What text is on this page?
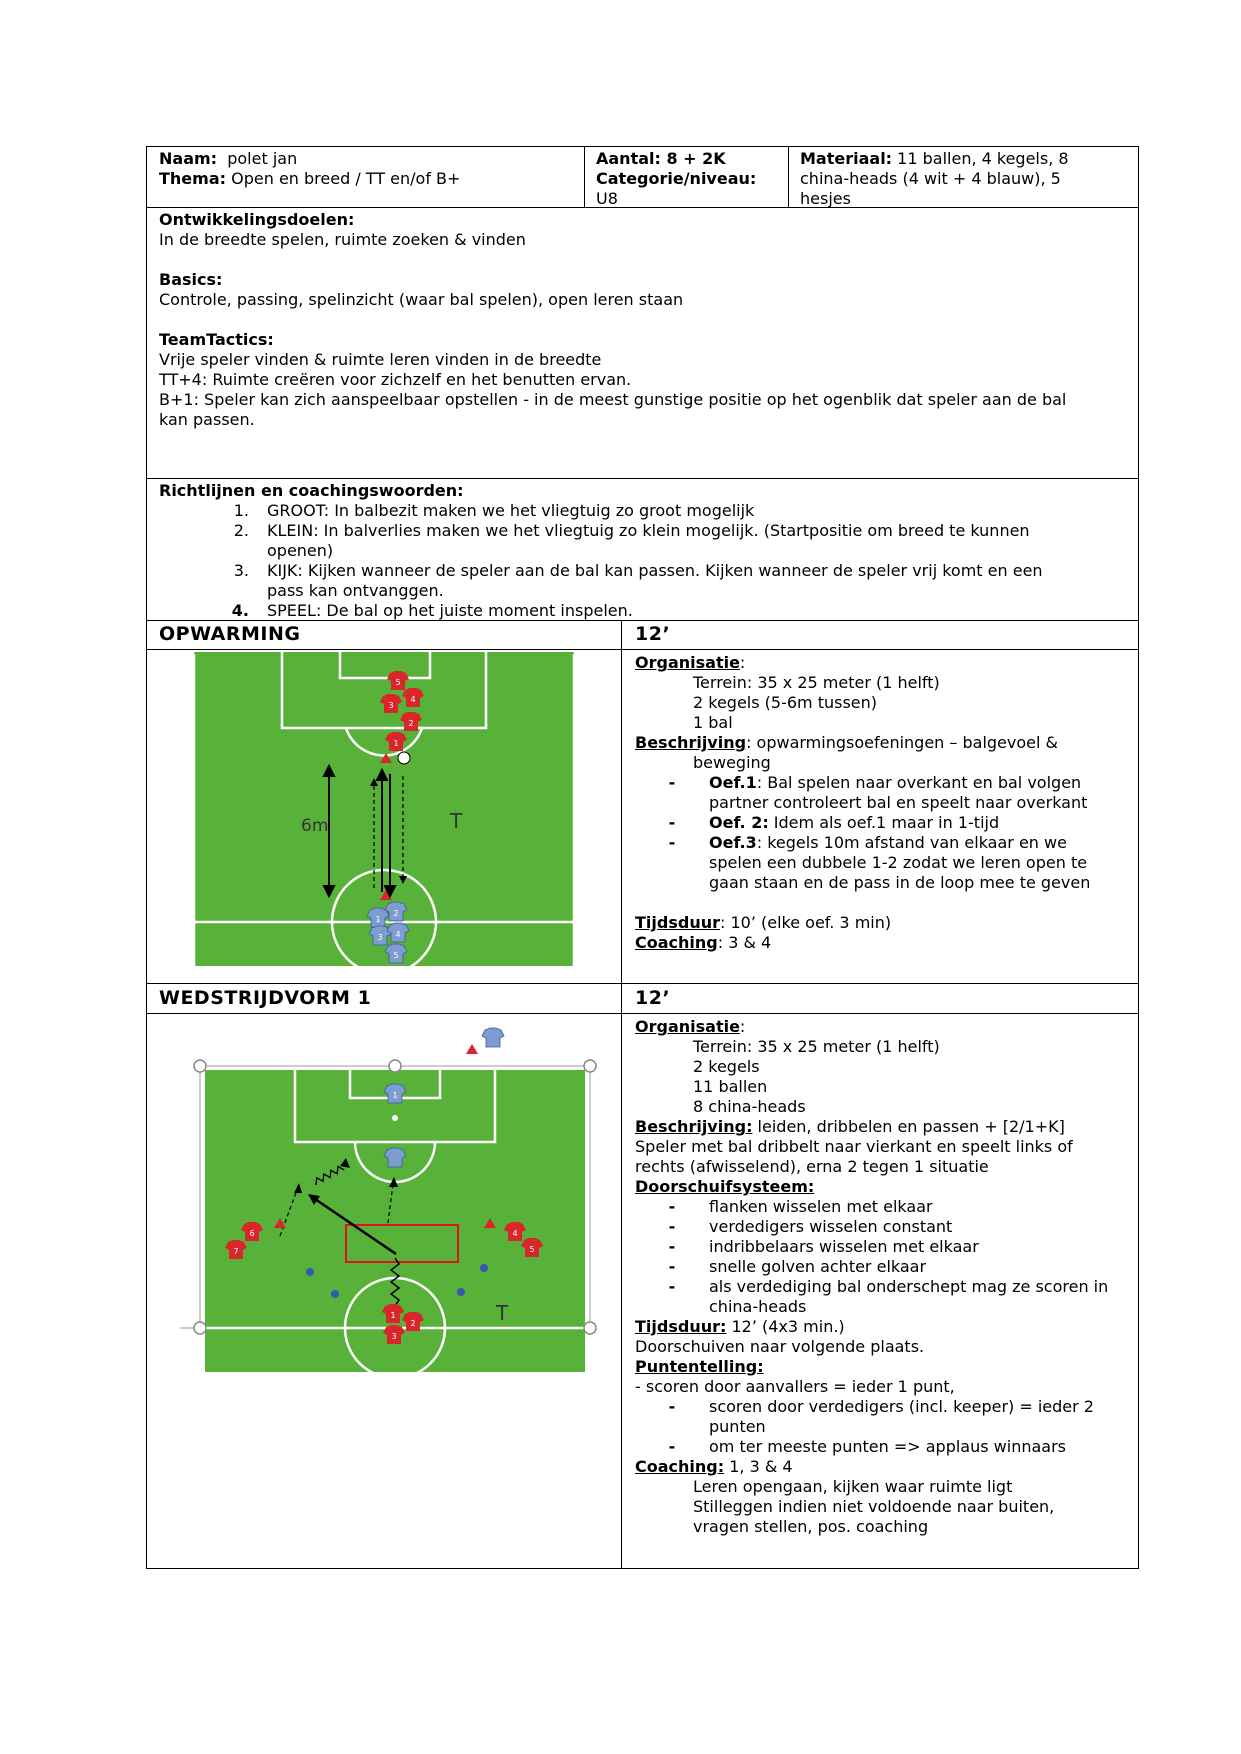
Naam: polet jan
Thema: Open en breed / TT en/of B+
Aantal: 8 + 2K
Categorie/niveau:
U8
Materiaal: 11 ballen, 4 kegels, 8 china-heads (4 wit + 4 blauw), 5 hesjes
Ontwikkelingsdoelen:
In de breedte spelen, ruimte zoeken & vinden
Basics:
Controle, passing, spelinzicht (waar bal spelen), open leren staan
TeamTactics:
Vrije speler vinden & ruimte leren vinden in de breedte
TT+4: Ruimte creëren voor zichzelf en het benutten ervan.
B+1: Speler kan zich aanspeelbaar opstellen - in de meest gunstige positie op het ogenblik dat speler aan de bal
kan passen.
Richtlijnen en coachingswoorden:
1.	GROOT: In balbezit maken we het vliegtuig zo groot mogelijk
2.	KLEIN: In balverlies maken we het vliegtuig zo klein mogelijk. (Startpositie om breed te kunnen
openen)
3.	KIJK: Kijken wanneer de speler aan de bal kan passen. Kijken wanneer de speler vrij komt en een
pass kan ontvanggen.
4.	SPEEL: De bal op het juiste moment inspelen.
OPWARMING	12’
5
3
4
2
1
6m	T
1
2
3 4
5
Organisatie:
Terrein: 35 x 25 meter (1 helft)
2 kegels (5-6m tussen)
1 bal
Beschrijving: opwarmingsoefeningen – balgevoel &
beweging
-	Oef.1: Bal spelen naar overkant en bal volgen
partner controleert bal en speelt naar overkant
-	Oef. 2: Idem als oef.1 maar in 1-tijd
-	Oef.3: kegels 10m afstand van elkaar en we
spelen een dubbele 1-2 zodat we leren open te
gaan staan en de pass in de loop mee te geven
Tijdsduur: 10’ (elke oef. 3 min)
Coaching: 3 & 4
WEDSTRIJDVORM 1	12’
1
6
7
4
5
1
2
3
T
Organisatie:
Terrein: 35 x 25 meter (1 helft)
2 kegels
11 ballen
8 china-heads
Beschrijving: leiden, dribbelen en passen + [2/1+K]
Speler met bal dribbelt naar vierkant en speelt links of
rechts (afwisselend), erna 2 tegen 1 situatie
Doorschuifsysteem:
-	flanken wisselen met elkaar
-	verdedigers wisselen constant
-	indribbelaars wisselen met elkaar
-	snelle golven achter elkaar
-	als verdediging bal onderschept mag ze scoren in
china-heads
Tijdsduur: 12’ (4x3 min.)
Doorschuiven naar volgende plaats.
Puntentelling:
- scoren door aanvallers = ieder 1 punt,
-	scoren door verdedigers (incl. keeper) = ieder 2
punten
-	om ter meeste punten => applaus winnaars
Coaching: 1, 3 & 4
Leren opengaan, kijken waar ruimte ligt
Stilleggen indien niet voldoende naar buiten,
vragen stellen, pos. coaching
